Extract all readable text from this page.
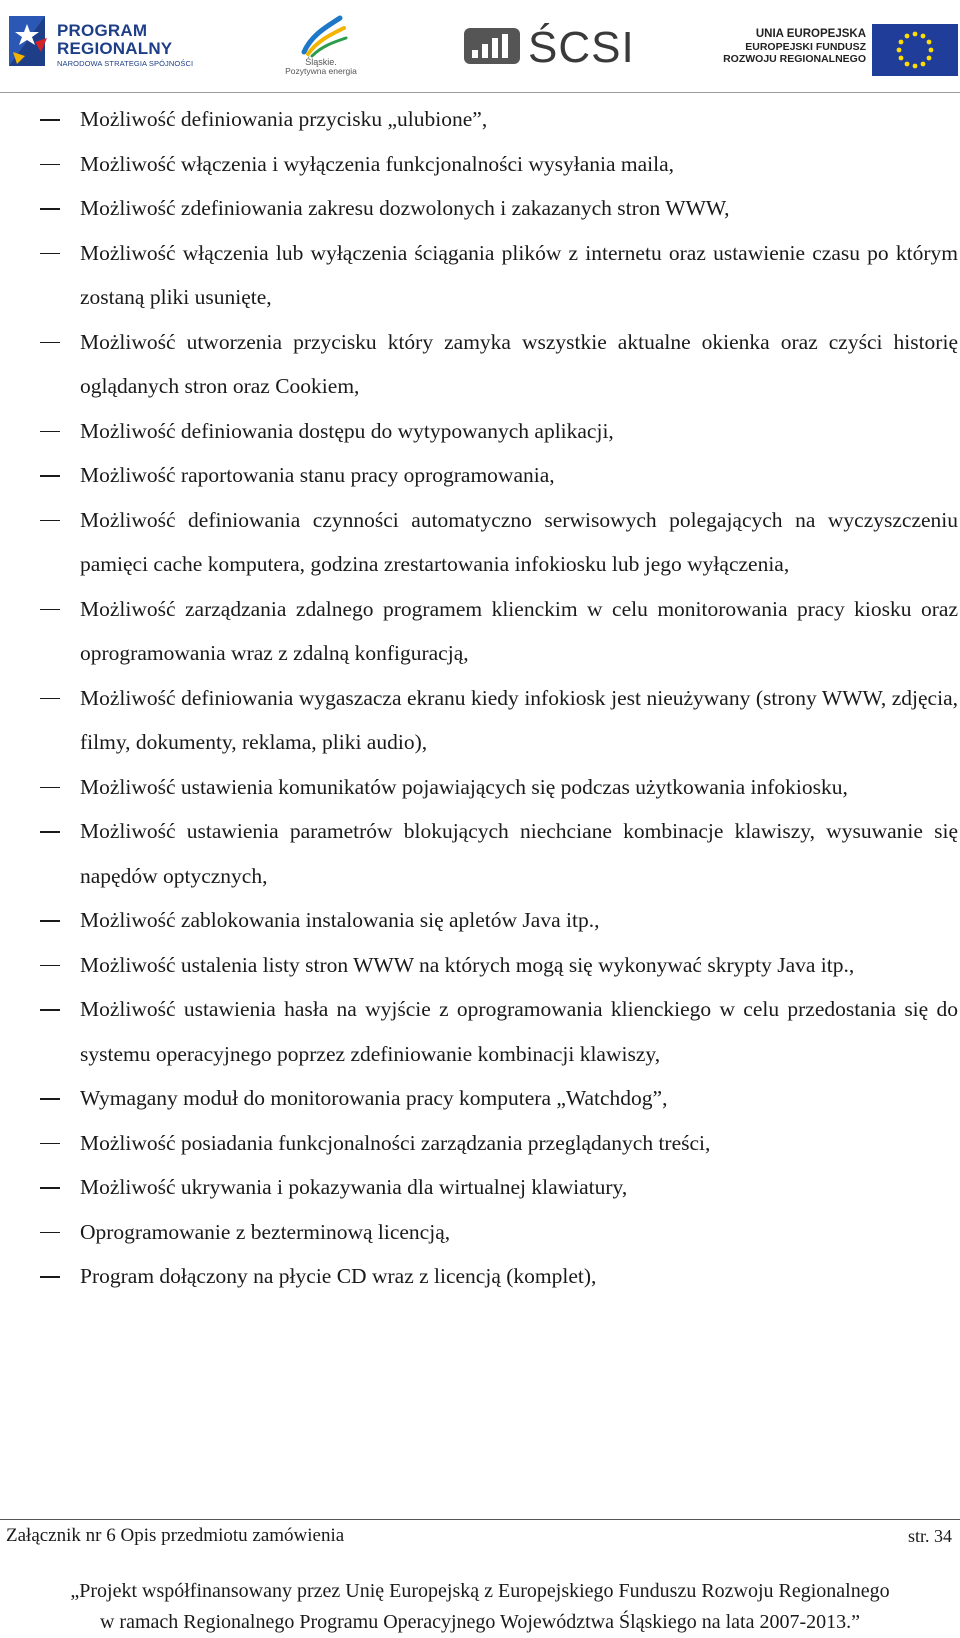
PROGRAM
REGIONALNY
NARODOWA STRATEGIA SPÓJNOŚCI	Śląskie.
Pozytywna energia	ŚCSI	UNIA EUROPEJSKA
EUROPEJSKI FUNDUSZ
ROZWOJU REGIONALNEGO
Możliwość definiowania przycisku „ulubione”,
Możliwość włączenia i wyłączenia funkcjonalności wysyłania maila,
Możliwość zdefiniowania zakresu dozwolonych i zakazanych stron WWW,
Możliwość włączenia lub wyłączenia ściągania plików z internetu oraz ustawienie czasu po którym zostaną pliki usunięte,
Możliwość utworzenia przycisku który zamyka wszystkie aktualne okienka oraz czyści historię oglądanych stron oraz Cookiem,
Możliwość definiowania dostępu do wytypowanych aplikacji,
Możliwość raportowania stanu pracy oprogramowania,
Możliwość definiowania czynności automatyczno serwisowych polegających na wyczyszczeniu pamięci cache komputera, godzina zrestartowania infokiosku lub jego wyłączenia,
Możliwość zarządzania zdalnego programem klienckim w celu monitorowania pracy kiosku oraz oprogramowania wraz z zdalną konfiguracją,
Możliwość definiowania wygaszacza ekranu kiedy infokiosk jest nieużywany (strony WWW, zdjęcia, filmy, dokumenty, reklama, pliki audio),
Możliwość ustawienia komunikatów pojawiających się podczas użytkowania infokiosku,
Możliwość ustawienia parametrów blokujących niechciane kombinacje klawiszy, wysuwanie się napędów optycznych,
Możliwość zablokowania instalowania się apletów Java itp.,
Możliwość ustalenia listy stron WWW na których mogą się wykonywać skrypty Java itp.,
Możliwość ustawienia hasła na wyjście z oprogramowania klienckiego w celu przedostania się do systemu operacyjnego poprzez zdefiniowanie kombinacji klawiszy,
Wymagany moduł do monitorowania pracy komputera „Watchdog”,
Możliwość posiadania funkcjonalności zarządzania przeglądanych treści,
Możliwość ukrywania i pokazywania dla wirtualnej klawiatury,
Oprogramowanie z bezterminową licencją,
Program dołączony na płycie CD wraz z licencją (komplet),
Załącznik nr 6 Opis przedmiotu zamówienia	str. 34
„Projekt współfinansowany przez Unię Europejską z Europejskiego Funduszu Rozwoju Regionalnego
w ramach Regionalnego Programu Operacyjnego Województwa Śląskiego na lata 2007-2013.”
